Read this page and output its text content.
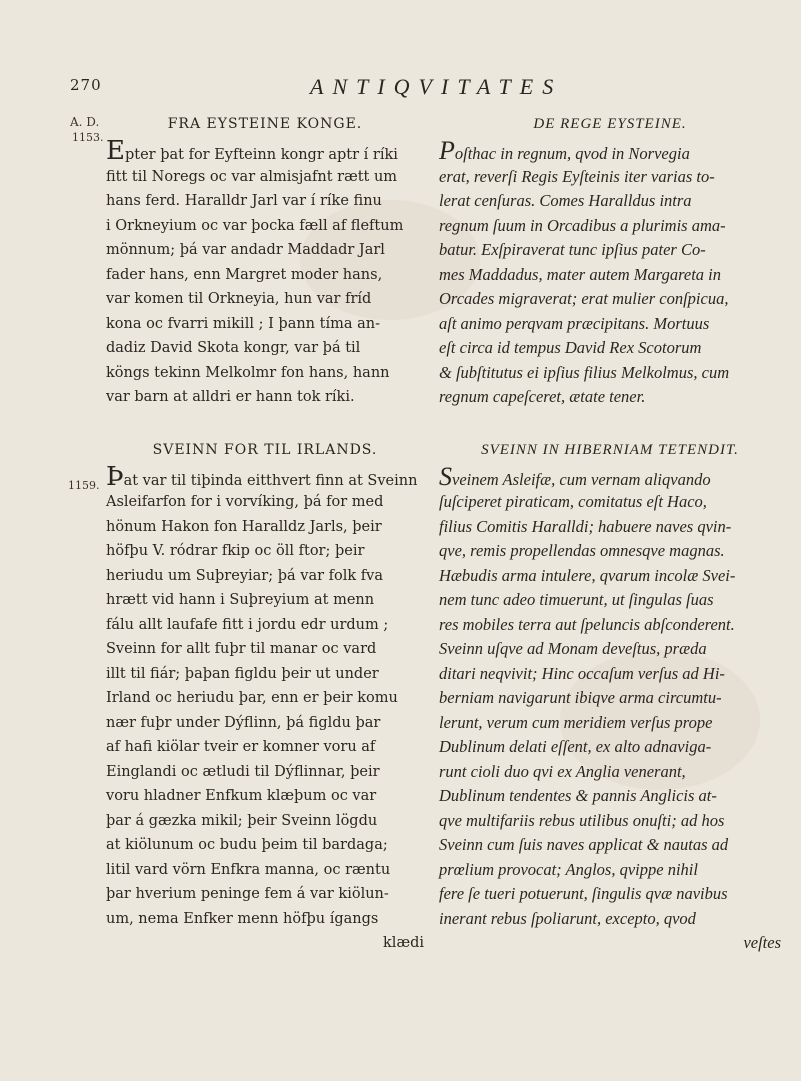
270	ANTIQVITATES
A. D.
1153.
1159.
FRA EYSTEINE KONGE.
Epter þat for Eyfteinn kongr aptr í ríki
fitt til Noregs oc var almisjafnt rætt um
hans ferd. Haralldr Jarl var í ríke finu
i Orkneyium oc var þocka fæll af fleftum
mönnum; þá var andadr Maddadr Jarl
fader hans, enn Margret moder hans,
var komen til Orkneyia, hun var fríd
kona oc fvarri mikill ; I þann tíma an-
dadiz David Skota kongr, var þá til
köngs tekinn Melkolmr fon hans, hann
var barn at alldri er hann tok ríki.
SVEINN FOR TIL IRLANDS.
Þat var til tiþinda eitthvert finn at Sveinn
Asleifarfon for i vorvíking, þá for med
hönum Hakon fon Haralldz Jarls, þeir
höfþu V. ródrar fkip oc öll ftor; þeir
heriudu um Suþreyiar; þá var folk fva
hrætt vid hann i Suþreyium at menn
fálu allt laufafe fitt i jordu edr urdum ;
Sveinn for allt fuþr til manar oc vard
illt til fiár; þaþan figldu þeir ut under
Irland oc heriudu þar, enn er þeir komu
nær fuþr under Dýflinn, þá figldu þar
af hafi kiölar tveir er komner voru af
Einglandi oc ætludi til Dýflinnar, þeir
voru hladner Enfkum klæþum oc var
þar á gæzka mikil; þeir Sveinn lögdu
at kiölunum oc budu þeim til bardaga;
litil vard vörn Enfkra manna, oc ræntu
þar hverium peninge fem á var kiölun-
um, nema Enfker menn höfþu ígangs
klædi
DE REGE EYSTEINE.
Poſthac in regnum, qvod in Norvegia
erat, reverſi Regis Eyſteinis iter varias to-
lerat cenſuras. Comes Haralldus intra
regnum ſuum in Orcadibus a plurimis ama-
batur. Exſpiraverat tunc ipſius pater Co-
mes Maddadus, mater autem Margareta in
Orcades migraverat; erat mulier conſpicua,
aſt animo perqvam præcipitans. Mortuus
eſt circa id tempus David Rex Scotorum
& ſubſtitutus ei ipſius filius Melkolmus, cum
regnum capeſceret, ætate tener.
SVEINN IN HIBERNIAM TETENDIT.
Sveinem Asleifæ, cum vernam aliqvando
ſuſciperet piraticam, comitatus eſt Haco,
filius Comitis Haralldi; habuere naves qvin-
qve, remis propellendas omnesqve magnas.
Hæbudis arma intulere, qvarum incolæ Svei-
nem tunc adeo timuerunt, ut ſingulas ſuas
res mobiles terra aut ſpeluncis abſconderent.
Sveinn uſqve ad Monam deveſtus, præda
ditari neqvivit; Hinc occaſum verſus ad Hi-
berniam navigarunt ibiqve arma circumtu-
lerunt, verum cum meridiem verſus prope
Dublinum delati eſſent, ex alto adnaviga-
runt cioli duo qvi ex Anglia venerant,
Dublinum tendentes & pannis Anglicis at-
qve multifariis rebus utilibus onuſti; ad hos
Sveinn cum ſuis naves applicat & nautas ad
prœlium provocat; Anglos, qvippe nihil
fere ſe tueri potuerunt, ſingulis qvæ navibus
inerant rebus ſpoliarunt, excepto, qvod
veſtes
